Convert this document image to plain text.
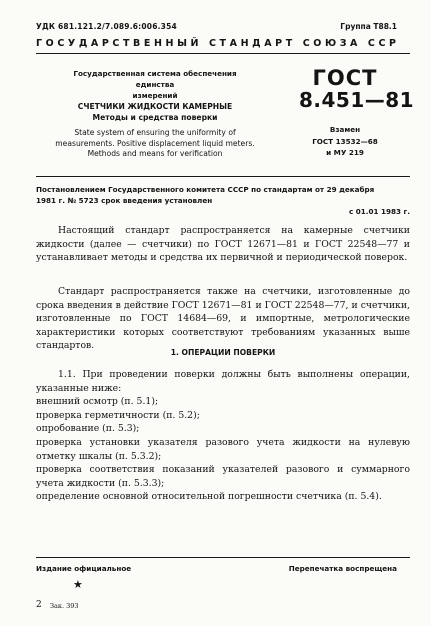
УДК 681.121.2/7.089.6:006.354	Группа Т88.1

ГОСУДАРСТВЕННЫЙ СТАНДАРТ СОЮЗА ССР

Государственная система обеспечения единства
измерений
СЧЕТЧИКИ ЖИДКОСТИ КАМЕРНЫЕ
Методы и средства поверки
State system of ensuring the uniformity of
measurements. Positive displacement liquid meters.
Methods and means for verification

ГОСТ

8.451—81

Взамен
ГОСТ 13532—68
и МУ 219
Постановлением Государственного комитета СССР по стандартам от 29 декабря
1981 г. № 5723 срок введения установлен
с 01.01 1983 г.
Настоящий стандарт распространяется на камерные счетчики жидкости (далее — счетчики) по ГОСТ 12671—81 и ГОСТ 22548—77 и устанавливает методы и средства их первичной и периодической поверок.
Стандарт распространяется также на счетчики, изготовленные до срока введения в действие ГОСТ 12671—81 и ГОСТ 22548—77, и счетчики, изготовленные по ГОСТ 14684—69, и импортные, метрологические характеристики которых соответствуют требованиям указанных выше стандартов.

1. ОПЕРАЦИИ ПОВЕРКИ

1.1. При проведении поверки должны быть выполнены операции, указанные ниже:
внешний осмотр (п. 5.1);
проверка герметичности (п. 5.2);
опробование (п. 5.3);
проверка установки указателя разового учета жидкости на нулевую отметку шкалы (п. 5.3.2);
проверка соответствия показаний указателей разового и суммарного учета жидкости (п. 5.3.3);
определение основной относительной погрешности счетчика (п. 5.4).

Издание официальное	Перепечатка воспрещена

★

2 Зак. 393
